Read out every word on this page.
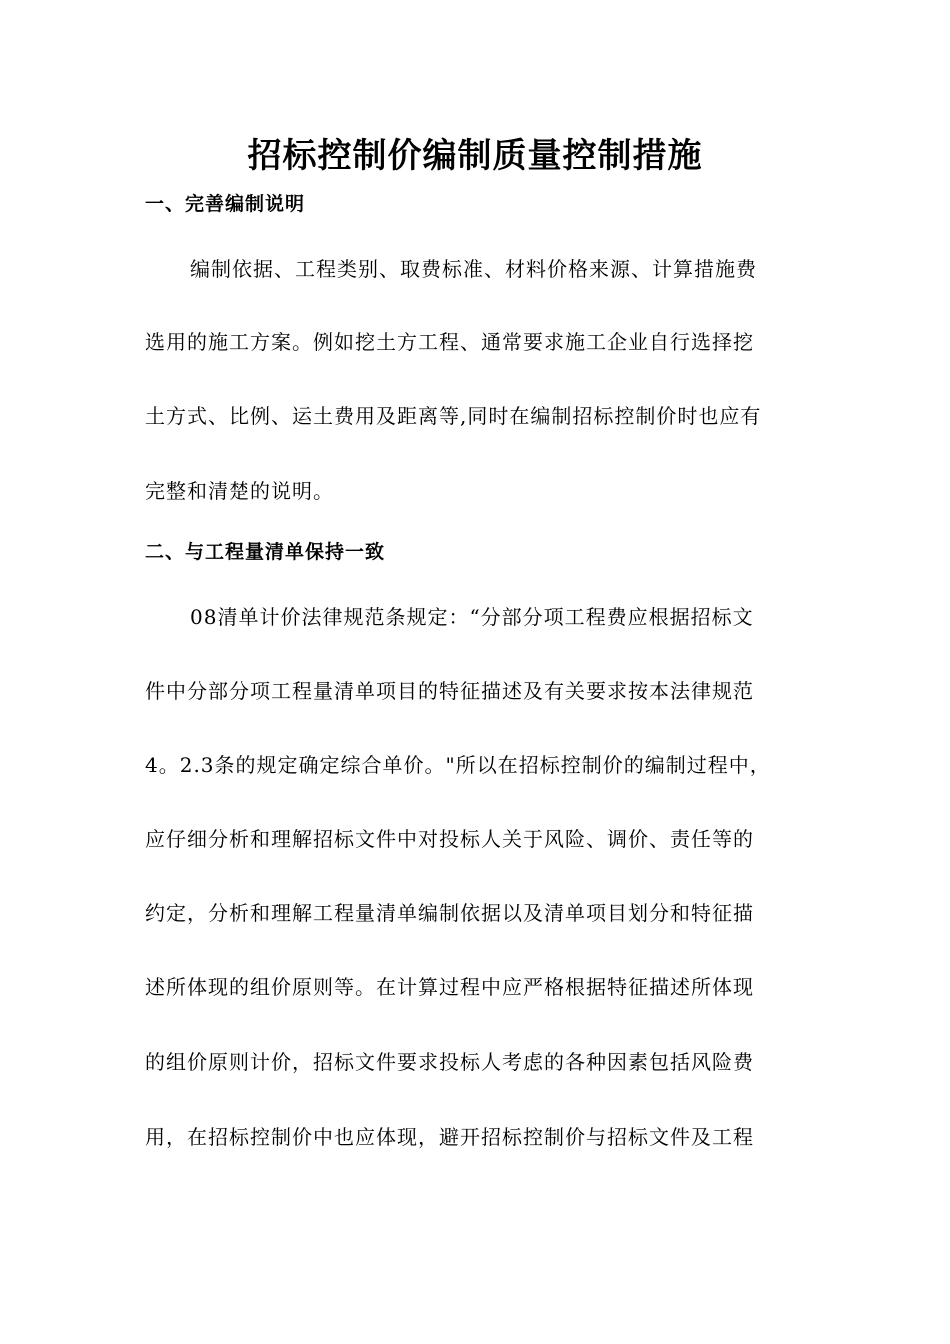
招标控制价编制质量控制措施
一、完善编制说明
编制依据、工程类别、取费标准、材料价格来源、计算措施费
选用的施工方案。例如挖土方工程、通常要求施工企业自行选择挖
土方式、比例、运土费用及距离等,同时在编制招标控制价时也应有
完整和清楚的说明。
二、与工程量清单保持一致
08清单计价法律规范条规定：“分部分项工程费应根据招标文
件中分部分项工程量清单项目的特征描述及有关要求按本法律规范
4。2.3条的规定确定综合单价。"所以在招标控制价的编制过程中，
应仔细分析和理解招标文件中对投标人关于风险、调价、责任等的
约定，分析和理解工程量清单编制依据以及清单项目划分和特征描
述所体现的组价原则等。在计算过程中应严格根据特征描述所体现
的组价原则计价，招标文件要求投标人考虑的各种因素包括风险费
用，在招标控制价中也应体现，避开招标控制价与招标文件及工程
